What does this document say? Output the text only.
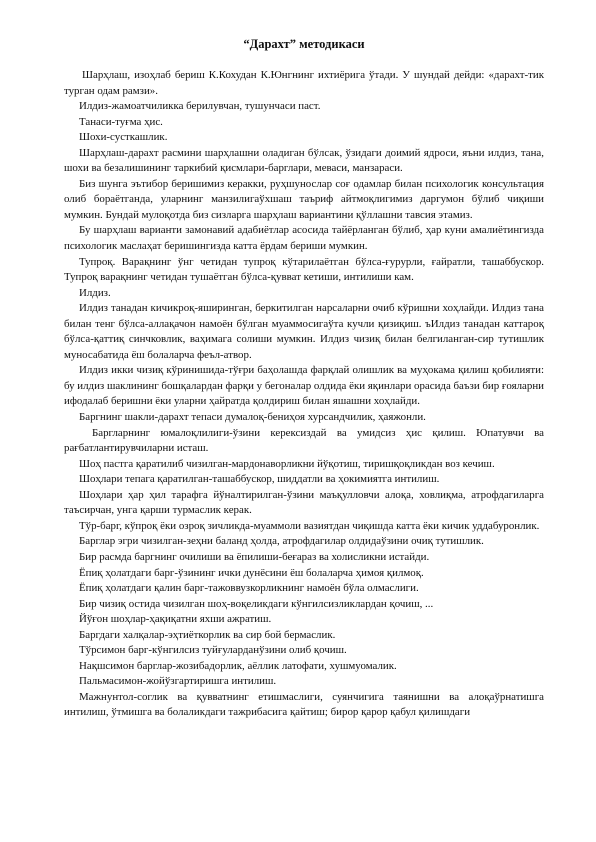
“Дарахт” методикаси

Шарҳлаш, изоҳлаб бериш К.Кохудан К.Юнгнинг ихтиёрига ўтади. У шундай дейди: «дарахт-тик турган одам рамзи».

Илдиз-жамоатчиликка берилувчан, тушунчаси паст.

Танаси-туғма ҳис.

Шохи-сусткашлик.

Шарҳлаш-дарахт расмини шарҳлашни оладиган бўлсак, ўзидаги доимий ядроси, яъни илдиз, тана, шохи ва безалишининг таркибий қисмлари-барглари, меваси, манзараси.

Биз шунга эътибор беришимиз керакки, руҳшунослар соғ одамлар билан психологик консультация олиб бораётганда, уларнинг манзилигаўхшаш таъриф айтмоқлигимиз даргумон бўлиб чиқиши мумкин. Бундай мулоқотда биз сизларга шарҳлаш вариантини қўллашни тавсия этамиз.

Бу шарҳлаш варианти замонавий адабиётлар асосида тайёрланган бўлиб, ҳар куни амалиётингизда психологик маслаҳат беришингизда катта ёрдам бериши мумкин.

Тупроқ. Варақнинг ўнг четидан тупроқ кўтарилаётган бўлса-ғурурли, ғайратли, ташаббускор. Тупроқ варақнинг четидан тушаётган бўлса-қувват кетиши, интилиши кам.

Илдиз.

Илдиз танадан кичикроқ-яширинган, беркитилган нарсаларни очиб кўришни хоҳлайди. Илдиз тана билан тенг бўлса-аллақачон намоён бўлган муаммосигаўта кучли қизиқиш. ъИлдиз танадан каттароқ бўлса-қаттиқ синчковлик, ваҳимага солиши мумкин. Илдиз чизиқ билан белгиланган-сир тутишлик муносабатида ёш болаларча феъл-атвор.

Илдиз икки чизиқ кўринишида-тўғри баҳолашда фарқлай олишлик ва муҳокама қилиш қобилияти: бу илдиз шаклининг бошқалардан фарқи у бегоналар олдида ёки яқинлари орасида баъзи бир ғояларни ифодалаб беришни ёки уларни ҳайратда қолдириш билан яшашни хоҳлайди.

Баргнинг шакли-дарахт тепаси думалоқ-бениҳоя хурсандчилик, ҳаяжонли.

Баргларнинг юмалоқлилиги-ўзини керексиздай ва умидсиз ҳис қилиш. Юпатувчи ва рағбатлантирувчиларни исташ.

Шоҳ пастга қаратилиб чизилган-мардонаворликни йўқотиш, тиришқоқликдан воз кечиш.

Шоҳлари тепага қаратилган-ташаббускор, шиддатли ва ҳокимиятга интилиш.

Шоҳлари ҳар ҳил тарафга йўналтирилган-ўзини маъқулловчи алоқа, ховлиқма, атрофдагиларга таъсирчан, унга қарши турмаслик керак.

Тўр-барг, кўпроқ ёки озроқ зичликда-муаммоли вазиятдан чиқишда катта ёки кичик уддабуронлик.

Барглар эгри чизилган-зеҳни баланд ҳолда, атрофдагилар олдидаўзини очиқ тутишлик.

Бир расмда баргнинг очилиши ва ёпилиши-беғараз ва холисликни истайди.

Ёпиқ ҳолатдаги барг-ўзининг ички дунёсини ёш болаларча ҳимоя қилмоқ.

Ёпиқ ҳолатдаги қалин барг-тажоввузкорликнинг намоён бўла олмаслиги.

Бир чизиқ остида чизилган шоҳ-воқеликдаги кўнгилсизликлардан қочиш, ...

Йўғон шоҳлар-ҳақиқатни яхши ажратиш.

Баргдаги халқалар-эҳтиёткорлик ва сир бой бермаслик.

Тўрсимон барг-кўнгилсиз туйғуларданўзини олиб қочиш.

Нақшсимон барглар-жозибадорлик, аёллик латофати, хушмуомалик.

Пальмасимон-жойўзгартиришга интилиш.

Мажнунтол-соглик ва қувватнинг етишмаслиги, суянчигига таянишни ва алоқаўрнатишга интилиш, ўтмишга ва болаликдаги тажрибасига қайтиш; бирор қарор қабул қилишдаги
